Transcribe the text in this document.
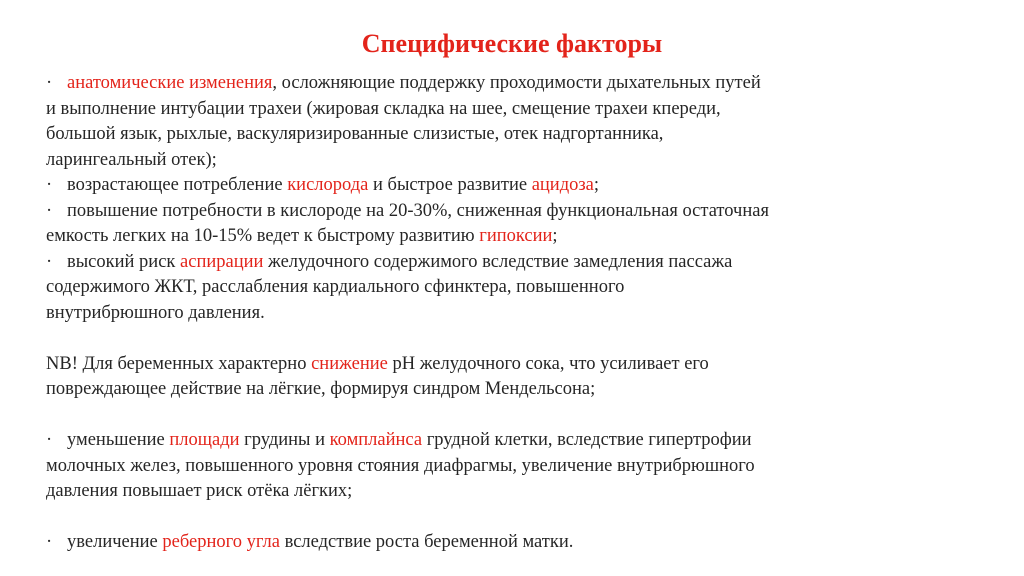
Специфические факторы
· анатомические изменения, осложняющие поддержку проходимости дыхательных путей
и выполнение интубации трахеи (жировая складка на шее, смещение трахеи кпереди,
большой язык, рыхлые, васкуляризированные слизистые, отек надгортанника,
ларингеальный отек);
· возрастающее потребление кислорода и быстрое развитие ацидоза;
· повышение потребности в кислороде на 20-30%, сниженная функциональная остаточная
емкость легких на 10-15% ведет к быстрому развитию гипоксии;
· высокий риск аспирации желудочного содержимого вследствие замедления пассажа
содержимого ЖКТ, расслабления кардиального сфинктера, повышенного
внутрибрюшного давления.
NB! Для беременных характерно снижение pH желудочного сока, что усиливает его
повреждающее действие на лёгкие, формируя синдром Мендельсона;
· уменьшение площади грудины и комплайнса грудной клетки, вследствие гипертрофии
молочных желез, повышенного уровня стояния диафрагмы, увеличение внутрибрюшного
давления повышает риск отёка лёгких;
· увеличение реберного угла вследствие роста беременной матки.
